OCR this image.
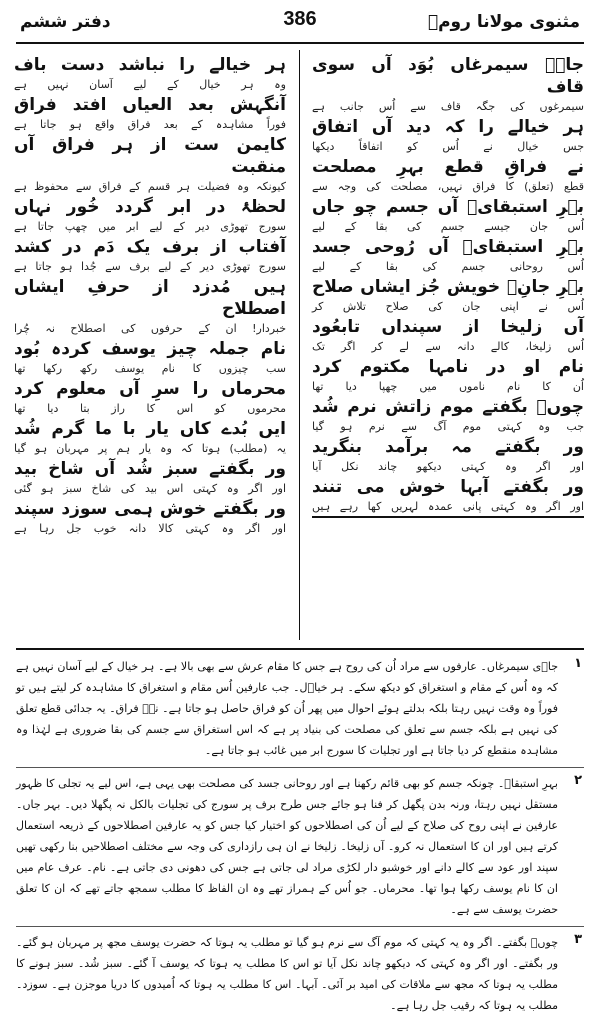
مثنوی مولانا رومؒ
386
دفتر ششم
جاےؔ سیمرغاں بُوَد آں سوی قاف
سیمرغوں کی جگہ قاف سے اُس جانب ہے
ہر خیالے را کہ دید آں اتفاق
جس خیال نے اُس کو اتفاقاً دیکھا
نے فراقِ قطع بہرِ مصلحت
قطع (تعلق) کا فراق نہیں، مصلحت کی وجہ سے
بہرِ استبقایؔ آں جسم چو جاں
اُس جان جیسے جسم کی بقا کے لیے
بہرِ استبقایؔ آں رُوحی جسد
اُس روحانی جسم کی بقا کے لیے
بہرِ جانِؔ خویش جُز ایشاں صلاح
اُس نے اپنی جان کی صلاح تلاش کر
آں زلیخا از سپنداں تابعُود
اُس زلیخا، کالے دانہ سے لے کر اگر تک
نام او در نامہا مکتوم کرد
اُن کا نام ناموں میں چھپا دیا تھا
چوںؔ بگفتے موم زاتش نرم شُد
جب وہ کہتی موم آگ سے نرم ہو گیا
ور بگفتے مہ برآمد بنگرید
اور اگر وہ کہتی دیکھو چاند نکل آیا
ور بگفتے آبہا خوش می تنند
اور اگر وہ کہتی پانی عمدہ لہریں کھا رہے ہیں
ہر خیالے را نباشد دست باف
وہ ہر خیال کے لیے آسان نہیں ہے
آنگہش بعد العیاں افتد فراق
فوراً مشاہدہ کے بعد فراق واقع ہو جاتا ہے
کایمن ست از ہر فراق آں منقبت
کیونکہ وہ فضیلت ہر قسم کے فراق سے محفوظ ہے
لحظۂ در ابر گردد خُور نہاں
سورج تھوڑی دیر کے لیے ابر میں چھپ جاتا ہے
آفتاب از برف یک دَم در کشد
سورج تھوڑی دیر کے لیے برف سے جُدا ہو جاتا ہے
ہیں مُدزد از حرفِ ایشاں اصطلاح
خبردار! ان کے حرفوں کی اصطلاح نہ چُرا
نام جملہ چیز یوسف کردہ بُود
سب چیزوں کا نام یوسف رکھ رکھا تھا
محرماں را سرِ آں معلوم کرد
محرموں کو اس کا راز بتا دیا تھا
ایں بُدے کاں یار با ما گرم شُد
یہ (مطلب) ہوتا کہ وہ یار ہم پر مہربان ہو گیا
ور بگفتے سبز شُد آں شاخ بید
اور اگر وہ کہتی اس بید کی شاخ سبز ہو گئی
ور بگفتے خوش ہمی سوزد سپند
اور اگر وہ کہتی کالا دانہ خوب جل رہا ہے
۱
جاؔی سیمرغاں۔ عارفوں سے مراد اُن کی روح ہے جس کا مقام عرش سے بھی بالا ہے۔ ہر خیال کے لیے آسان نہیں ہے کہ وہ اُس کے مقام و استغراق کو دیکھ سکے۔ ہر خیاؔل۔ جب عارفین اُس مقام و استغراق کا مشاہدہ کر لیتے ہیں تو فوراً وہ وقت نہیں رہتا بلکہ بدلتے ہوئے احوال میں پھر اُن کو فراق حاصل ہو جاتا ہے۔ نےؔ فراق۔ یہ جدائی قطع تعلق کی نہیں ہے بلکہ جسم سے تعلق کی مصلحت کی بنیاد پر ہے کہ اس استغراق سے جسم کی بقا ضروری ہے لہٰذا وہ مشاہدہ منقطع کر دیا جاتا ہے اور تجلیات کا سورج ابر میں غائب ہو جاتا ہے۔
۲
بہرِ استبقاؔ۔ چونکہ جسم کو بھی قائم رکھنا ہے اور روحانی جسد کی مصلحت بھی یہی ہے، اس لیے یہ تجلی کا ظہور مستقل نہیں رہتا، ورنہ بدن پگھل کر فنا ہو جائے جس طرح برف پر سورج کی تجلیات بالکل نہ پگھلا دیں۔ بہر جاں۔ عارفین نے اپنی روح کی صلاح کے لیے اُن کی اصطلاحوں کو اختیار کیا جس کو یہ عارفین اصطلاحوں کے ذریعہ استعمال کرتے ہیں اور ان کا استعمال نہ کرو۔ آں زلیخا۔ زلیخا نے ان ہی رازداری کی وجہ سے مختلف اصطلاحیں بنا رکھی تھیں سپند اور عود سے کالے دانے اور خوشبو دار لکڑی مراد لی جاتی ہے جس کی دھونی دی جاتی ہے۔ نام۔ عرف عام میں ان کا نام یوسف رکھا ہوا تھا۔ محرماں۔ جو اُس کے ہمراز تھے وہ ان الفاظ کا مطلب سمجھ جاتے تھے کہ ان کا تعلق حضرت یوسف سے ہے۔
۳
چوںؔ بگفتے۔ اگر وہ یہ کہتی کہ موم آگ سے نرم ہو گیا تو مطلب یہ ہوتا کہ حضرت یوسف مجھ پر مہربان ہو گئے۔ ور بگفتے۔ اور اگر وہ کہتی کہ دیکھو چاند نکل آیا تو اس کا مطلب یہ ہوتا کہ یوسف آ گئے۔ سبز شُد۔ سبز ہونے کا مطلب یہ ہوتا کہ مجھ سے ملاقات کی امید بر آئی۔ آبہا۔ اس کا مطلب یہ ہوتا کہ اُمیدوں کا دریا موجزن ہے۔ سوزد۔ مطلب یہ ہوتا کہ رقیب جل رہا ہے۔
